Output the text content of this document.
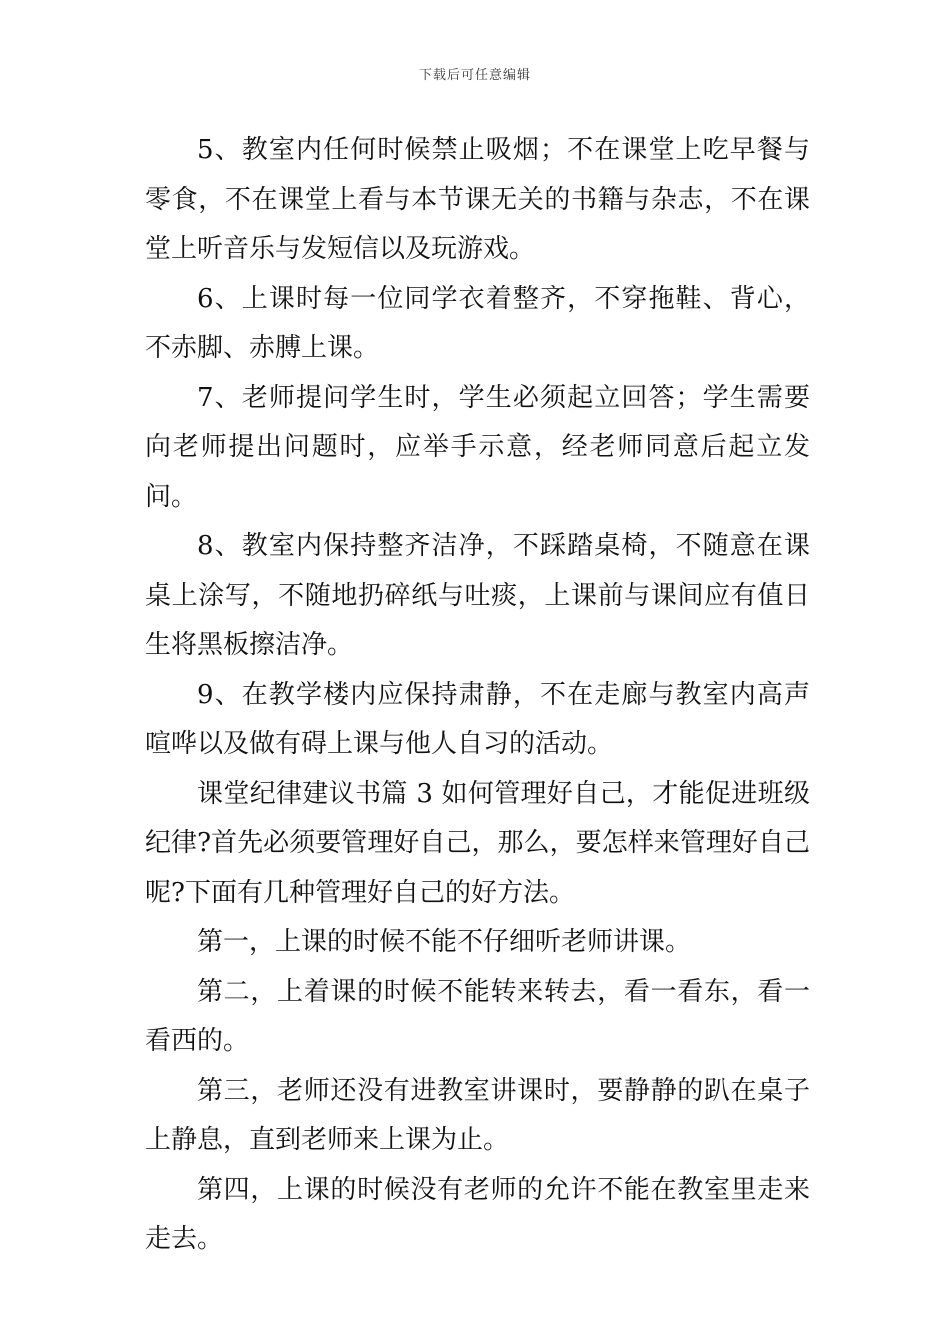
下载后可任意编辑

5、教室内任何时候禁止吸烟；不在课堂上吃早餐与零食，不在课堂上看与本节课无关的书籍与杂志，不在课堂上听音乐与发短信以及玩游戏。

6、上课时每一位同学衣着整齐，不穿拖鞋、背心，不赤脚、赤膊上课。

7、老师提问学生时，学生必须起立回答；学生需要向老师提出问题时，应举手示意，经老师同意后起立发问。

8、教室内保持整齐洁净，不踩踏桌椅，不随意在课桌上涂写，不随地扔碎纸与吐痰，上课前与课间应有值日生将黑板擦洁净。

9、在教学楼内应保持肃静，不在走廊与教室内高声喧哗以及做有碍上课与他人自习的活动。

课堂纪律建议书篇 3 如何管理好自己，才能促进班级纪律?首先必须要管理好自己，那么，要怎样来管理好自己呢?下面有几种管理好自己的好方法。

第一，上课的时候不能不仔细听老师讲课。

第二，上着课的时候不能转来转去，看一看东，看一看西的。

第三，老师还没有进教室讲课时，要静静的趴在桌子上静息，直到老师来上课为止。

第四，上课的时候没有老师的允许不能在教室里走来走去。
